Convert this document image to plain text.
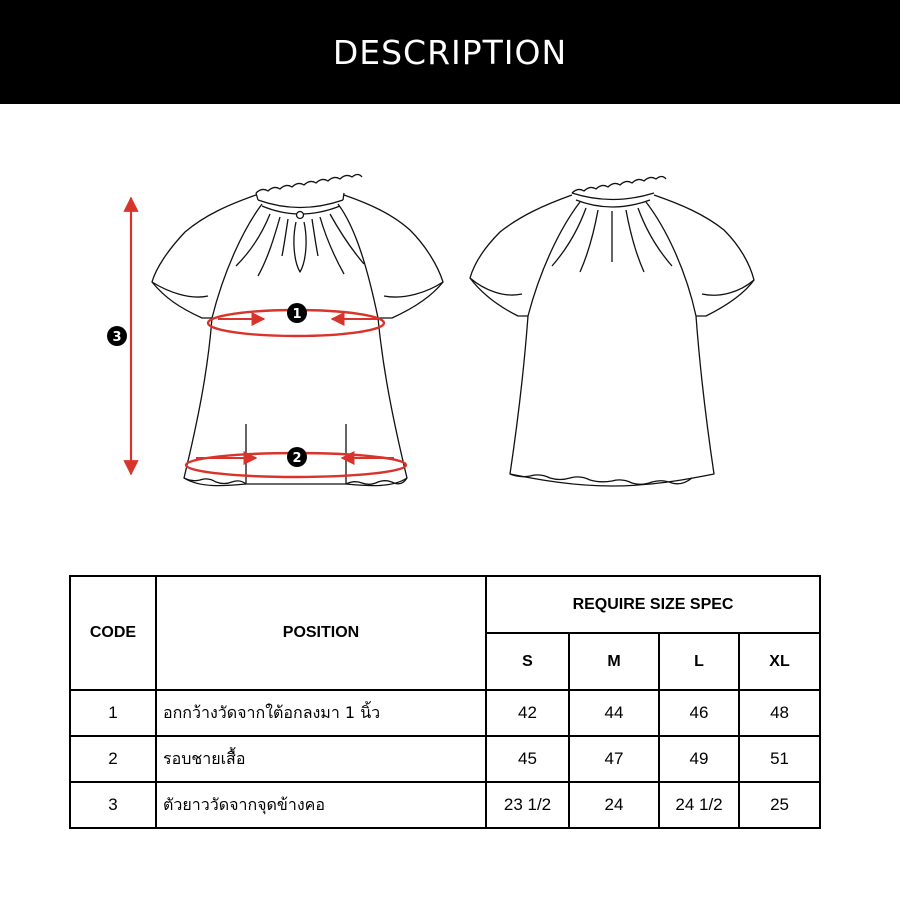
DESCRIPTION
1
2
3
CODE	POSITION	REQUIRE SIZE SPEC			
		S	M	L	XL
1	อกกว้างวัดจากใต้อกลงมา 1 นิ้ว	42	44	46	48
2	รอบชายเสื้อ	45	47	49	51
3	ตัวยาววัดจากจุดข้างคอ	23 1/2	24	24 1/2	25
